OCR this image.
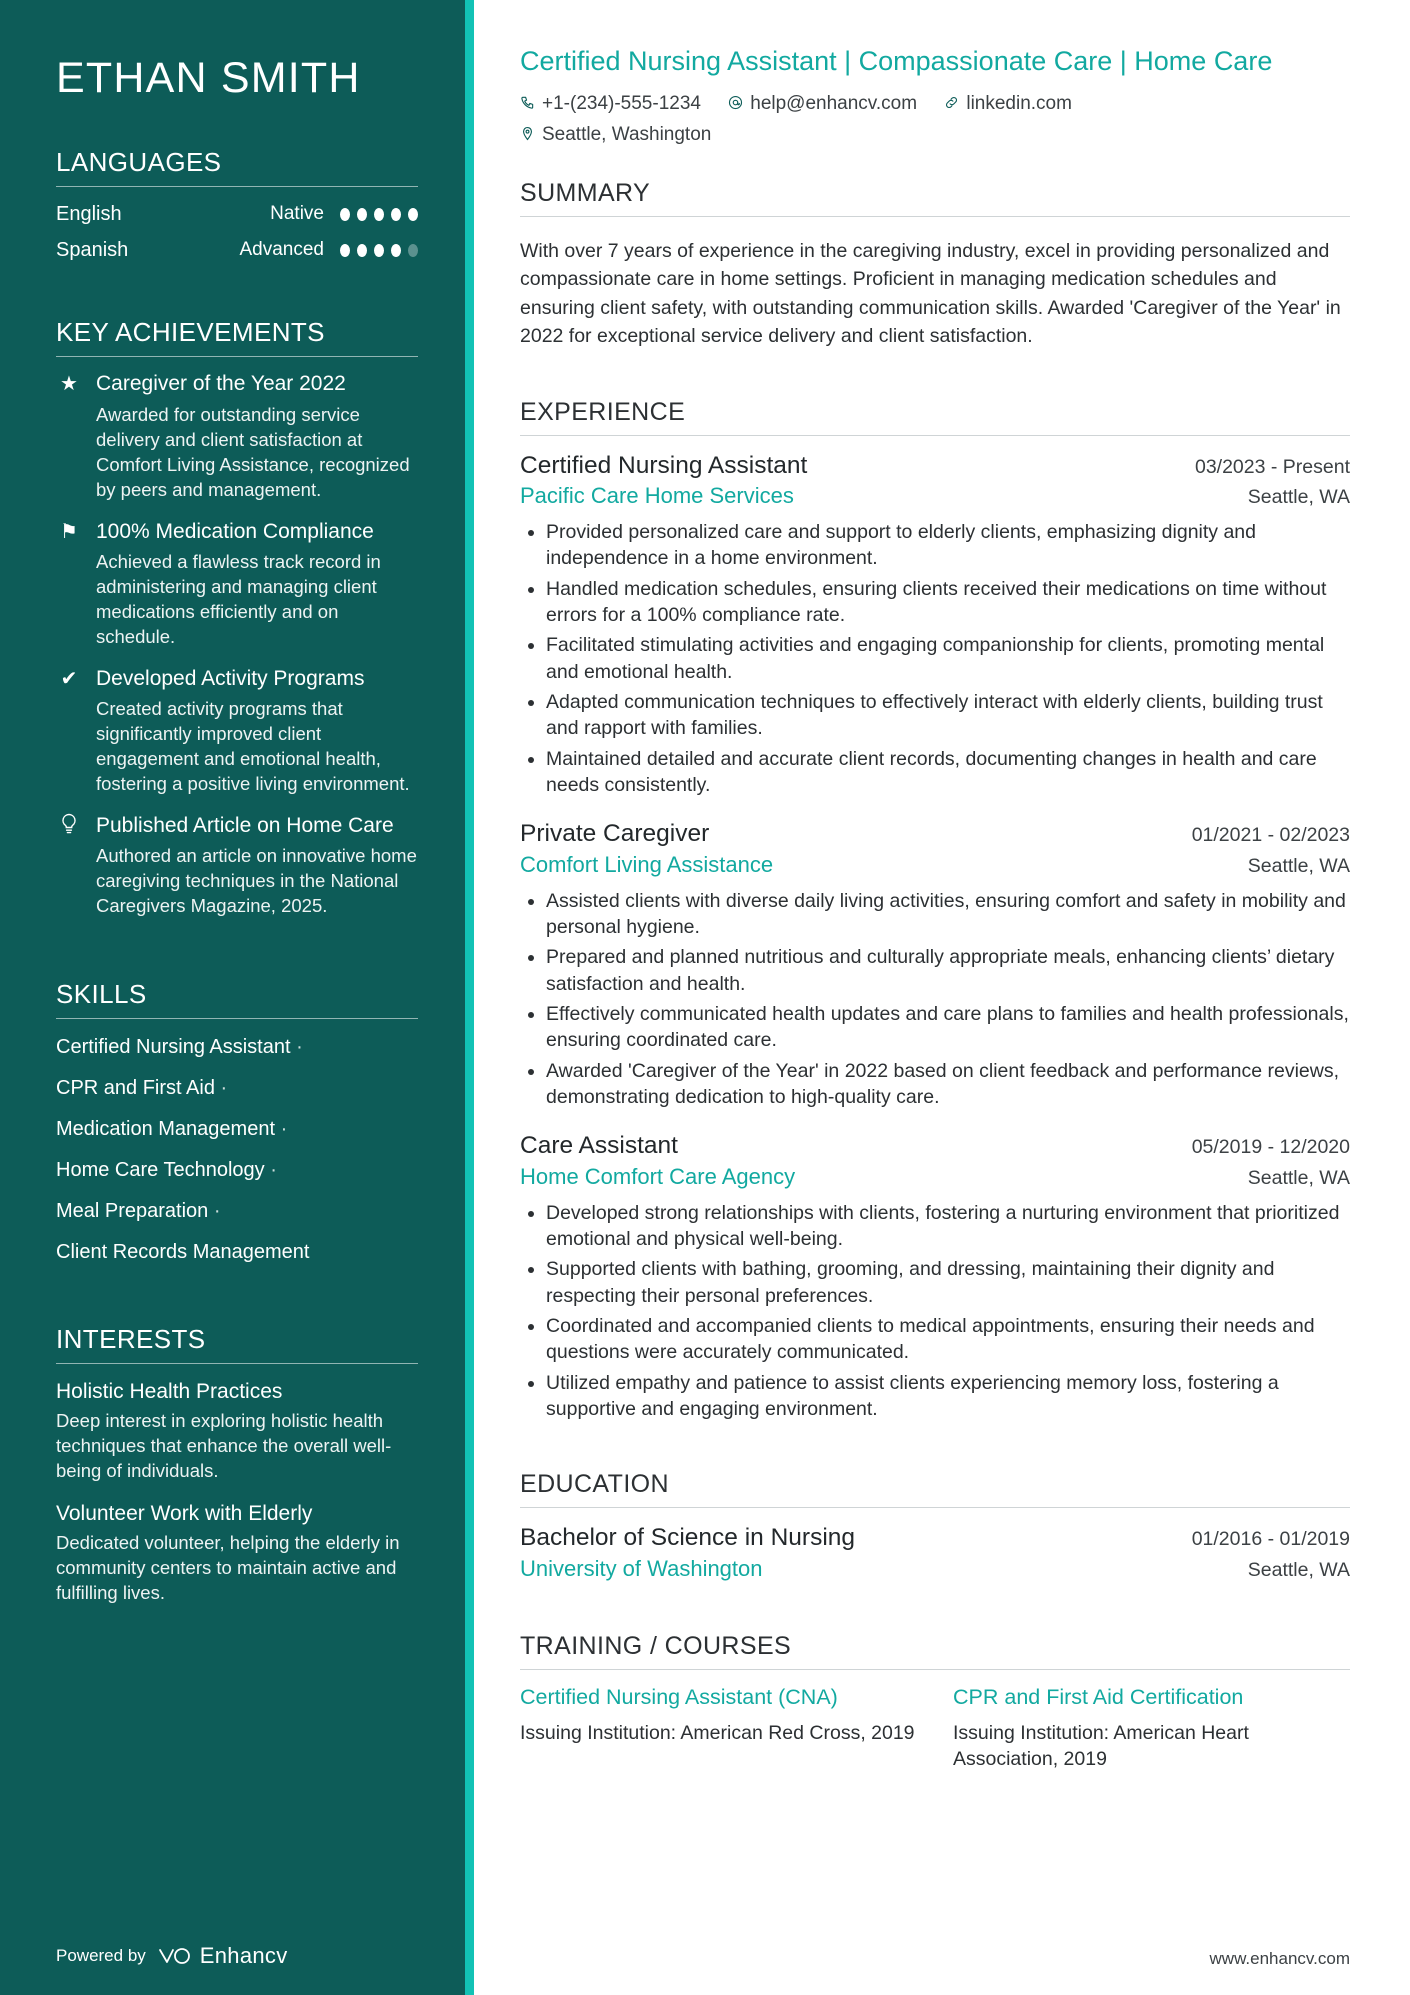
ETHAN SMITH
LANGUAGES
English	Native
Spanish	Advanced
KEY ACHIEVEMENTS
★ Caregiver of the Year 2022
Awarded for outstanding service delivery and client satisfaction at Comfort Living Assistance, recognized by peers and management.
⚑ 100% Medication Compliance
Achieved a flawless track record in administering and managing client medications efficiently and on schedule.
✔ Developed Activity Programs
Created activity programs that significantly improved client engagement and emotional health, fostering a positive living environment.
Published Article on Home Care
Authored an article on innovative home caregiving techniques in the National Caregivers Magazine, 2025.
SKILLS
Certified Nursing Assistant ·
CPR and First Aid ·
Medication Management ·
Home Care Technology ·
Meal Preparation ·
Client Records Management
INTERESTS
Holistic Health Practices
Deep interest in exploring holistic health techniques that enhance the overall well-being of individuals.
Volunteer Work with Elderly
Dedicated volunteer, helping the elderly in community centers to maintain active and fulfilling lives.
Powered by Enhancv
Certified Nursing Assistant | Compassionate Care | Home Care
+1-(234)-555-1234
	help@enhancv.com
	linkedin.com

Seattle, Washington
SUMMARY

With over 7 years of experience in the caregiving industry, excel in providing personalized and compassionate care in home settings. Proficient in managing medication schedules and ensuring client safety, with outstanding communication skills. Awarded 'Caregiver of the Year' in 2022 for exceptional service delivery and client satisfaction.

EXPERIENCE
Certified Nursing Assistant	03/2023 - Present
Pacific Care Home Services	Seattle, WA
• Provided personalized care and support to elderly clients, emphasizing dignity and independence in a home environment.
• Handled medication schedules, ensuring clients received their medications on time without errors for a 100% compliance rate.
• Facilitated stimulating activities and engaging companionship for clients, promoting mental and emotional health.
• Adapted communication techniques to effectively interact with elderly clients, building trust and rapport with families.
• Maintained detailed and accurate client records, documenting changes in health and care needs consistently.
Private Caregiver	01/2021 - 02/2023
Comfort Living Assistance	Seattle, WA
• Assisted clients with diverse daily living activities, ensuring comfort and safety in mobility and personal hygiene.
• Prepared and planned nutritious and culturally appropriate meals, enhancing clients’ dietary satisfaction and health.
• Effectively communicated health updates and care plans to families and health professionals, ensuring coordinated care.
• Awarded 'Caregiver of the Year' in 2022 based on client feedback and performance reviews, demonstrating dedication to high-quality care.
Care Assistant	05/2019 - 12/2020
Home Comfort Care Agency	Seattle, WA
• Developed strong relationships with clients, fostering a nurturing environment that prioritized emotional and physical well-being.
• Supported clients with bathing, grooming, and dressing, maintaining their dignity and respecting their personal preferences.
• Coordinated and accompanied clients to medical appointments, ensuring their needs and questions were accurately communicated.
• Utilized empathy and patience to assist clients experiencing memory loss, fostering a supportive and engaging environment.
EDUCATION
Bachelor of Science in Nursing	01/2016 - 01/2019
University of Washington	Seattle, WA
TRAINING / COURSES
Certified Nursing Assistant (CNA)
Issuing Institution: American Red Cross, 2019
CPR and First Aid Certification
Issuing Institution: American Heart Association, 2019
www.enhancv.com
